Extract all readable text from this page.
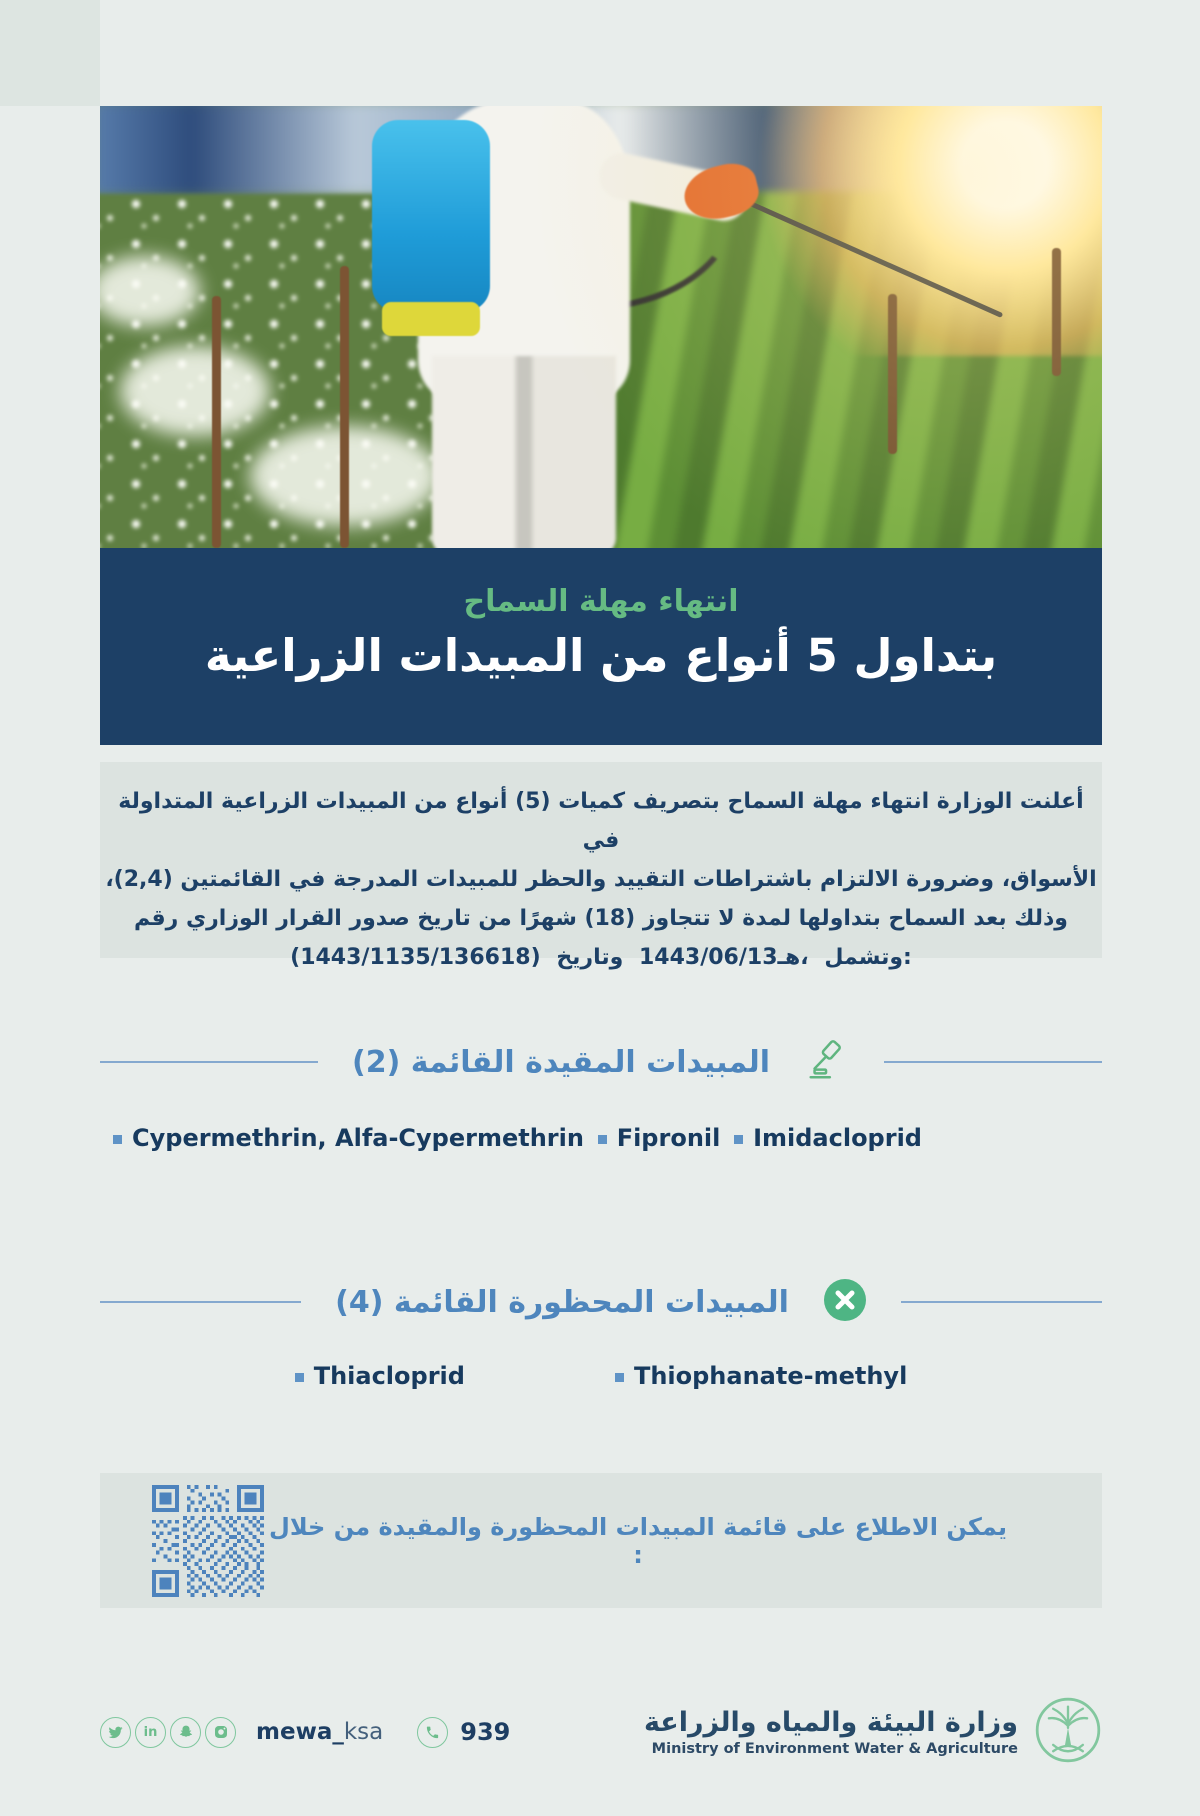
انتهاء مهلة السماح
بتداول 5 أنواع من المبيدات الزراعية
أعلنت الوزارة انتهاء مهلة السماح بتصريف كميات (5) أنواع من المبيدات الزراعية المتداولة في
الأسواق، وضرورة الالتزام باشتراطات التقييد والحظر للمبيدات المدرجة في القائمتين (2,4)،
وذلك بعد السماح بتداولها لمدة لا تتجاوز (18) شهرًا من تاريخ صدور القرار الوزاري رقم
(1443/1135/136618) وتاريخ 1443/06/13هـ، وتشمل:
المبيدات المقيدة القائمة (2)
Cypermethrin, Alfa-Cypermethrin Fipronil Imidacloprid
المبيدات المحظورة القائمة (4)
Thiacloprid	Thiophanate-methyl
يمكن الاطلاع على قائمة المبيدات المحظورة والمقيدة من خلال :
in	mewa_ksa	939	وزارة البيئة والمياه والزراعة
Ministry of Environment Water & Agriculture
